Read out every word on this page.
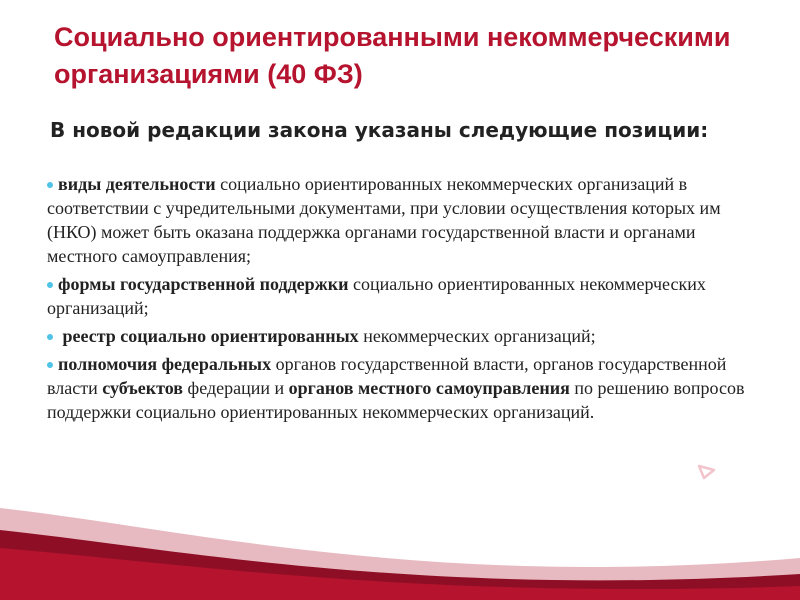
Социально ориентированными некоммерческими организациями (40 ФЗ)
В новой редакции закона указаны следующие позиции:
виды деятельности социально ориентированных некоммерческих организаций в соответствии с учредительными документами, при условии осуществления которых им (НКО) может быть оказана поддержка органами государственной власти и органами местного самоуправления;
формы государственной поддержки социально ориентированных некоммерческих организаций;
реестр социально ориентированных некоммерческих организаций;
полномочия федеральных органов государственной власти, органов государственной власти субъектов федерации и органов местного самоуправления по решению вопросов поддержки социально ориентированных некоммерческих организаций.
